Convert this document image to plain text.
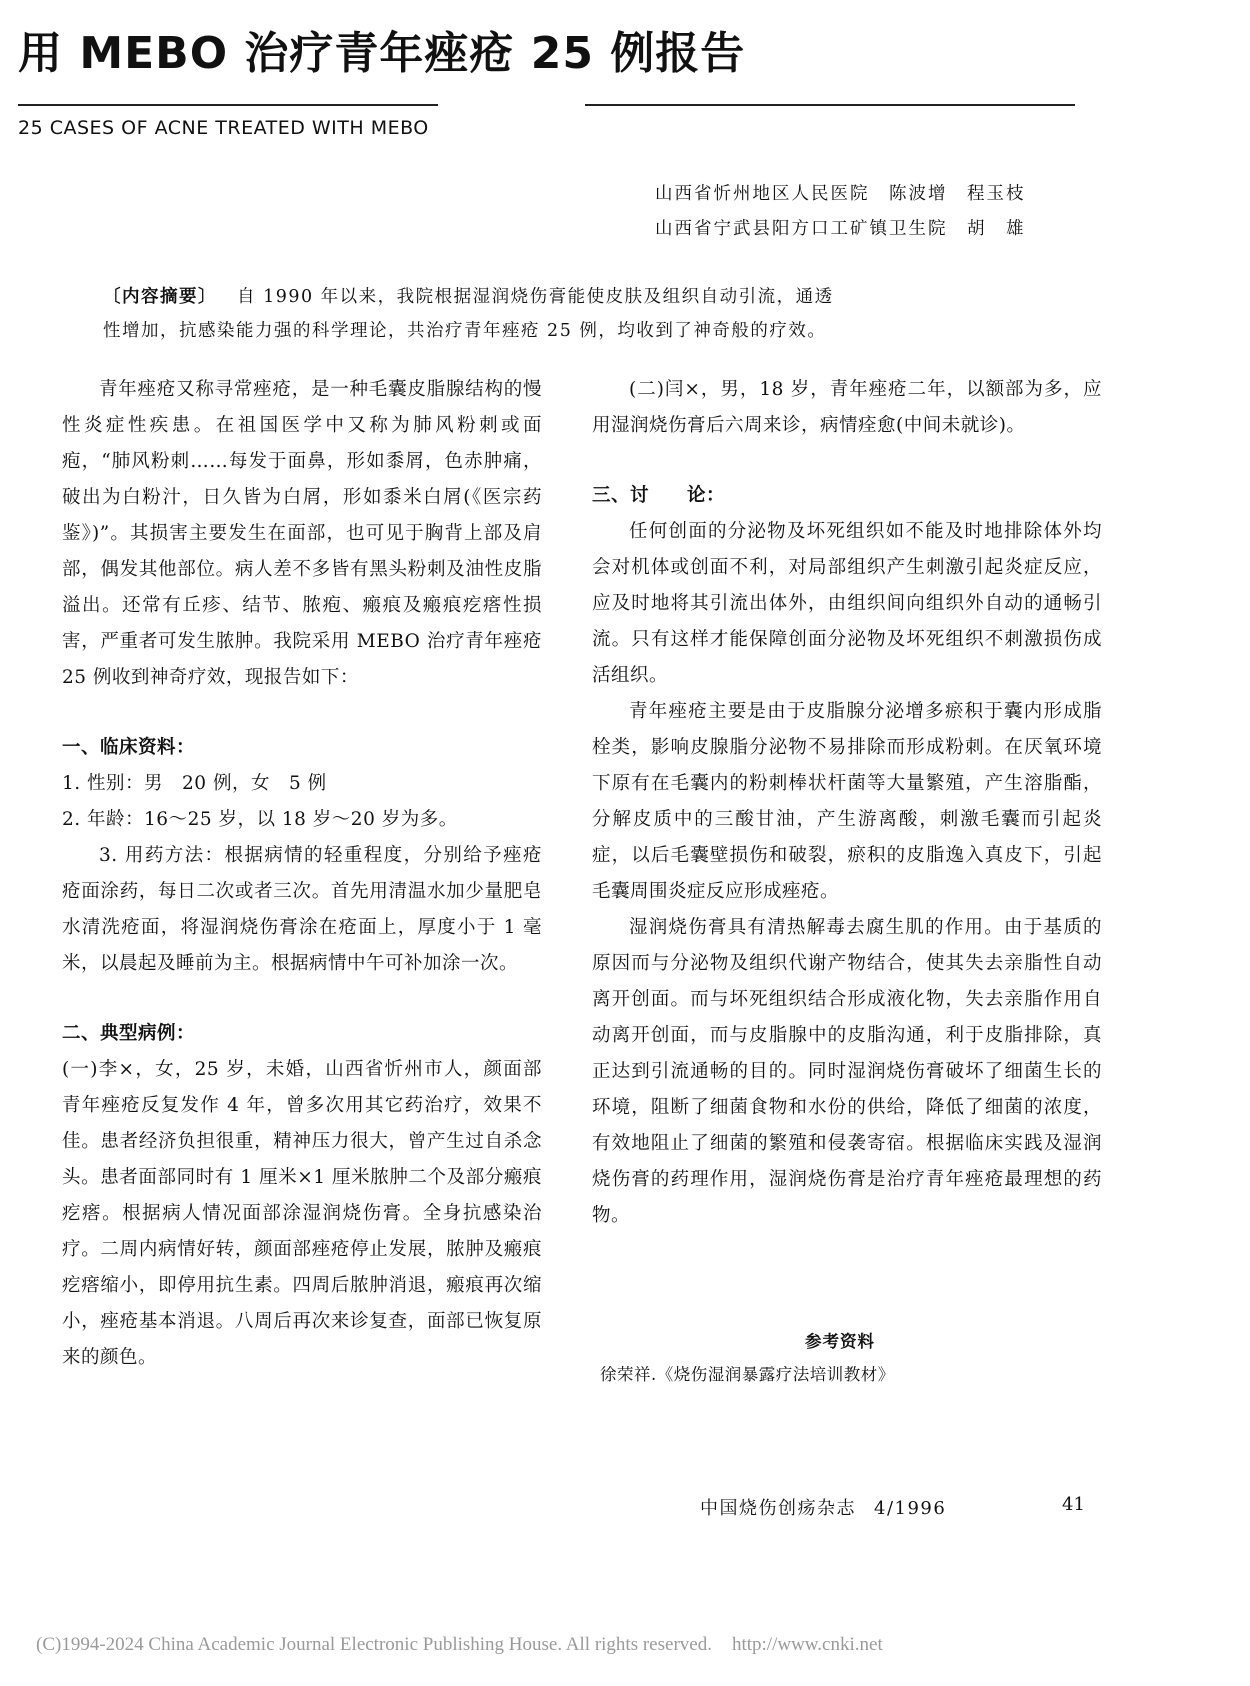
用 MEBO 治疗青年痤疮 25 例报告
25 CASES OF ACNE TREATED WITH MEBO
山西省忻州地区人民医院　陈波增　程玉枝
山西省宁武县阳方口工矿镇卫生院　胡　雄
〔内容摘要〕 自 1990 年以来，我院根据湿润烧伤膏能使皮肤及组织自动引流，通透
性增加，抗感染能力强的科学理论，共治疗青年痤疮 25 例，均收到了神奇般的疗效。

青年痤疮又称寻常痤疮，是一种毛囊皮脂腺结构的慢性炎症性疾患。在祖国医学中又称为肺风粉刺或面疱，“肺风粉刺……每发于面鼻，形如黍屑，色赤肿痛，破出为白粉汁，日久皆为白屑，形如黍米白屑(《医宗药鉴》)”。其损害主要发生在面部，也可见于胸背上部及肩部，偶发其他部位。病人差不多皆有黑头粉刺及油性皮脂溢出。还常有丘疹、结节、脓疱、瘢痕及瘢痕疙瘩性损害，严重者可发生脓肿。我院采用 MEBO 治疗青年痤疮 25 例收到神奇疗效，现报告如下：

一、临床资料：

1. 性别：男　20 例，女　5 例

2. 年龄：16～25 岁，以 18 岁～20 岁为多。

3. 用药方法：根据病情的轻重程度，分别给予痤疮疮面涂药，每日二次或者三次。首先用清温水加少量肥皂水清洗疮面，将湿润烧伤膏涂在疮面上，厚度小于 1 毫米，以晨起及睡前为主。根据病情中午可补加涂一次。

二、典型病例：

(一)李×，女，25 岁，未婚，山西省忻州市人，颜面部青年痤疮反复发作 4 年，曾多次用其它药治疗，效果不佳。患者经济负担很重，精神压力很大，曾产生过自杀念头。患者面部同时有 1 厘米×1 厘米脓肿二个及部分瘢痕疙瘩。根据病人情况面部涂湿润烧伤膏。全身抗感染治疗。二周内病情好转，颜面部痤疮停止发展，脓肿及瘢痕疙瘩缩小，即停用抗生素。四周后脓肿消退，瘢痕再次缩小，痤疮基本消退。八周后再次来诊复查，面部已恢复原来的颜色。

(二)闫×，男，18 岁，青年痤疮二年，以额部为多，应用湿润烧伤膏后六周来诊，病情痊愈(中间未就诊)。

三、讨　　论：

任何创面的分泌物及坏死组织如不能及时地排除体外均会对机体或创面不利，对局部组织产生刺激引起炎症反应，应及时地将其引流出体外，由组织间向组织外自动的通畅引流。只有这样才能保障创面分泌物及坏死组织不刺激损伤成活组织。

青年痤疮主要是由于皮脂腺分泌增多瘀积于囊内形成脂栓类，影响皮腺脂分泌物不易排除而形成粉刺。在厌氧环境下原有在毛囊内的粉刺棒状杆菌等大量繁殖，产生溶脂酯，分解皮质中的三酸甘油，产生游离酸，刺激毛囊而引起炎症，以后毛囊壁损伤和破裂，瘀积的皮脂逸入真皮下，引起毛囊周围炎症反应形成痤疮。

湿润烧伤膏具有清热解毒去腐生肌的作用。由于基质的原因而与分泌物及组织代谢产物结合，使其失去亲脂性自动离开创面。而与坏死组织结合形成液化物，失去亲脂作用自动离开创面，而与皮脂腺中的皮脂沟通，利于皮脂排除，真正达到引流通畅的目的。同时湿润烧伤膏破坏了细菌生长的环境，阻断了细菌食物和水份的供给，降低了细菌的浓度，有效地阻止了细菌的繁殖和侵袭寄宿。根据临床实践及湿润烧伤膏的药理作用，湿润烧伤膏是治疗青年痤疮最理想的药物。

参考资料
徐荣祥.《烧伤湿润暴露疗法培训教材》
中国烧伤创疡杂志 4/1996	41
(C)1994-2024 China Academic Journal Electronic Publishing House. All rights reserved. http://www.cnki.net
